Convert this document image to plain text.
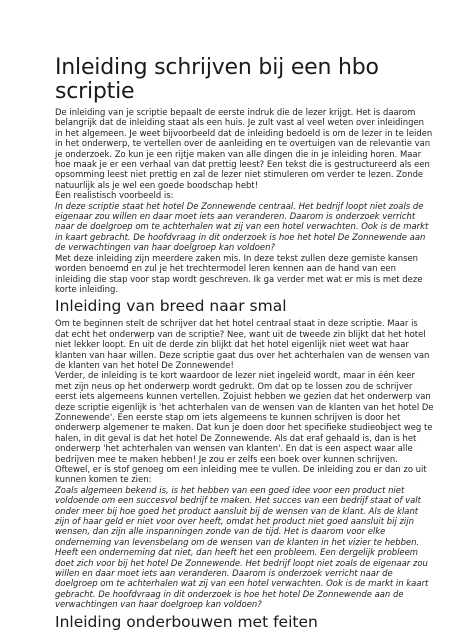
Inleiding schrijven bij een hbo scriptie

De inleiding van je scriptie bepaalt de eerste indruk die de lezer krijgt. Het is daarom belangrijk dat de inleiding staat als een huis. Je zult vast al veel weten over inleidingen in het algemeen. Je weet bijvoorbeeld dat de inleiding bedoeld is om de lezer in te leiden in het onderwerp, te vertellen over de aanleiding en te overtuigen van de relevantie van je onderzoek. Zo kun je een rijtje maken van alle dingen die in je inleiding horen. Maar hoe maak je er een verhaal van dat prettig leest? Een tekst die is gestructureerd als een opsomming leest niet prettig en zal de lezer niet stimuleren om verder te lezen. Zonde natuurlijk als je wel een goede boodschap hebt!

Een realistisch voorbeeld is:

In deze scriptie staat het hotel De Zonnewende centraal. Het bedrijf loopt niet zoals de eigenaar zou willen en daar moet iets aan veranderen. Daarom is onderzoek verricht naar de doelgroep om te achterhalen wat zij van een hotel verwachten. Ook is de markt in kaart gebracht. De hoofdvraag in dit onderzoek is hoe het hotel De Zonnewende aan de verwachtingen van haar doelgroep kan voldoen?

Met deze inleiding zijn meerdere zaken mis. In deze tekst zullen deze gemiste kansen worden benoemd en zul je het trechtermodel leren kennen aan de hand van een inleiding die stap voor stap wordt geschreven. Ik ga verder met wat er mis is met deze korte inleiding.

Inleiding van breed naar smal

Om te beginnen stelt de schrijver dat het hotel centraal staat in deze scriptie. Maar is dat echt het onderwerp van de scriptie? Nee, want uit de tweede zin blijkt dat het hotel niet lekker loopt. En uit de derde zin blijkt dat het hotel eigenlijk niet weet wat haar klanten van haar willen. Deze scriptie gaat dus over het achterhalen van de wensen van de klanten van het hotel De Zonnewende!

Verder, de inleiding is te kort waardoor de lezer niet ingeleid wordt, maar in één keer met zijn neus op het onderwerp wordt gedrukt. Om dat op te lossen zou de schrijver eerst iets algemeens kunnen vertellen. Zojuist hebben we gezien dat het onderwerp van deze scriptie eigenlijk is 'het achterhalen van de wensen van de klanten van het hotel De Zonnewende'. Een eerste stap om iets algemeens te kunnen schrijven is door het onderwerp algemener te maken. Dat kun je doen door het specifieke studieobject weg te halen, in dit geval is dat het hotel De Zonnewende. Als dat eraf gehaald is, dan is het onderwerp 'het achterhalen van wensen van klanten'. En dat is een aspect waar alle bedrijven mee te maken hebben! Je zou er zelfs een boek over kunnen schrijven. Oftewel, er is stof genoeg om een inleiding mee te vullen. De inleiding zou er dan zo uit kunnen komen te zien:

Zoals algemeen bekend is, is het hebben van een goed idee voor een product niet voldoende om een succesvol bedrijf te maken. Het succes van een bedrijf staat of valt onder meer bij hoe goed het product aansluit bij de wensen van de klant. Als de klant zijn of haar geld er niet voor over heeft, omdat het product niet goed aansluit bij zijn wensen, dan zijn alle inspanningen zonde van de tijd. Het is daarom voor elke onderneming van levensbelang om de wensen van de klanten in het vizier te hebben. Heeft een onderneming dat niet, dan heeft het een probleem. Een dergelijk probleem doet zich voor bij het hotel De Zonnewende. Het bedrijf loopt niet zoals de eigenaar zou willen en daar moet iets aan veranderen. Daarom is onderzoek verricht naar de doelgroep om te achterhalen wat zij van een hotel verwachten. Ook is de markt in kaart gebracht. De hoofdvraag in dit onderzoek is hoe het hotel De Zonnewende aan de verwachtingen van haar doelgroep kan voldoen?

Inleiding onderbouwen met feiten
